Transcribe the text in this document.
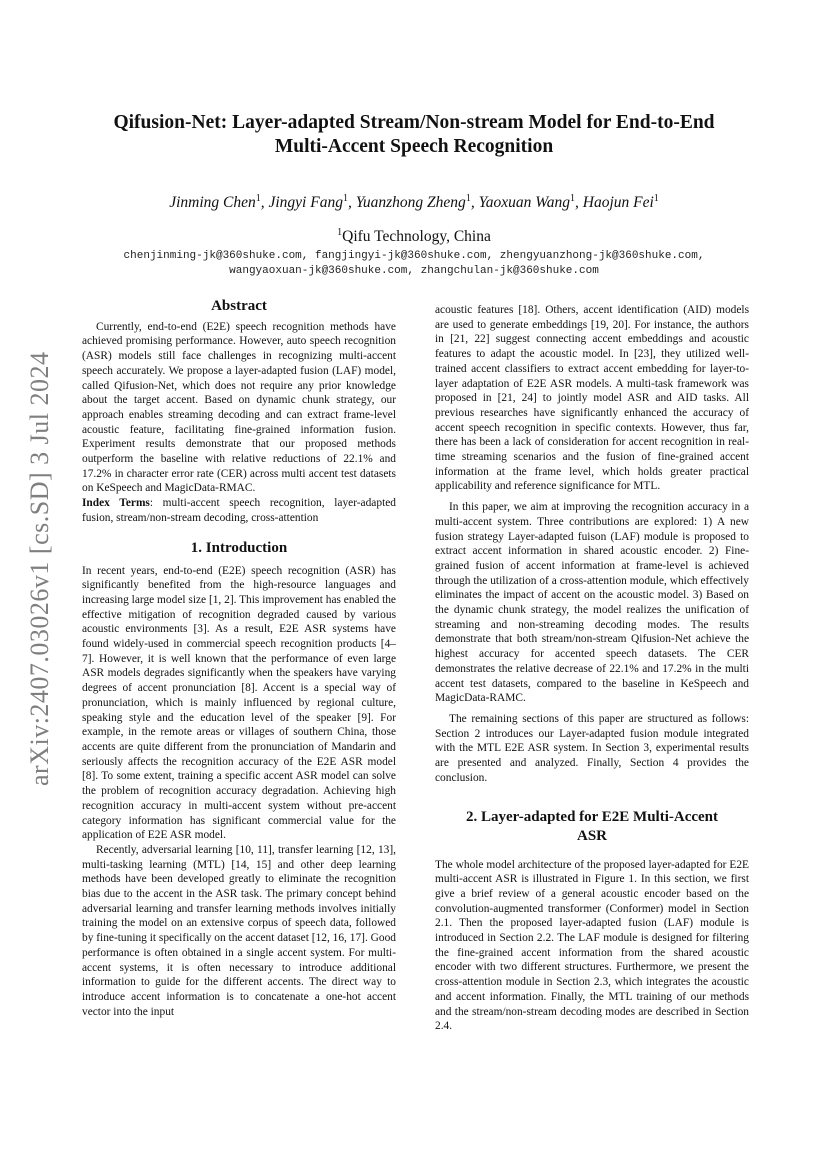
arXiv:2407.03026v1 [cs.SD] 3 Jul 2024
Qifusion-Net: Layer-adapted Stream/Non-stream Model for End-to-End Multi-Accent Speech Recognition
Jinming Chen$^1$, Jingyi Fang$^1$, Yuanzhong Zheng$^1$, Yaoxuan Wang$^1$, Haojun Fei$^1$
$^1$Qifu Technology, China
chenjinming-jk@360shuke.com, fangjingyi-jk@360shuke.com, zhengyuanzhong-jk@360shuke.com,
wangyaoxuan-jk@360shuke.com, zhangchulan-jk@360shuke.com

Abstract

Currently, end-to-end (E2E) speech recognition methods have achieved promising performance. However, auto speech recognition (ASR) models still face challenges in recognizing multi-accent speech accurately. We propose a layer-adapted fusion (LAF) model, called Qifusion-Net, which does not require any prior knowledge about the target accent. Based on dynamic chunk strategy, our approach enables streaming decoding and can extract frame-level acoustic feature, facilitating fine-grained information fusion. Experiment results demonstrate that our proposed methods outperform the baseline with relative reductions of 22.1% and 17.2% in character error rate (CER) across multi accent test datasets on KeSpeech and MagicData-RMAC.

Index Terms: multi-accent speech recognition, layer-adapted fusion, stream/non-stream decoding, cross-attention

1. Introduction

In recent years, end-to-end (E2E) speech recognition (ASR) has significantly benefited from the high-resource languages and increasing large model size [1, 2]. This improvement has enabled the effective mitigation of recognition degraded caused by various acoustic environments [3]. As a result, E2E ASR systems have found widely-used in commercial speech recognition products [4–7]. However, it is well known that the performance of even large ASR models degrades significantly when the speakers have varying degrees of accent pronunciation [8]. Accent is a special way of pronunciation, which is mainly influenced by regional culture, speaking style and the education level of the speaker [9]. For example, in the remote areas or villages of southern China, those accents are quite different from the pronunciation of Mandarin and seriously affects the recognition accuracy of the E2E ASR model [8]. To some extent, training a specific accent ASR model can solve the problem of recognition accuracy degradation. Achieving high recognition accuracy in multi-accent system without pre-accent category information has significant commercial value for the application of E2E ASR model.

Recently, adversarial learning [10, 11], transfer learning [12, 13], multi-tasking learning (MTL) [14, 15] and other deep learning methods have been developed greatly to eliminate the recognition bias due to the accent in the ASR task. The primary concept behind adversarial learning and transfer learning methods involves initially training the model on an extensive corpus of speech data, followed by fine-tuning it specifically on the accent dataset [12, 16, 17]. Good performance is often obtained in a single accent system. For multi-accent systems, it is often necessary to introduce additional information to guide for the different accents. The direct way to introduce accent information is to concatenate a one-hot accent vector into the input

acoustic features [18]. Others, accent identification (AID) models are used to generate embeddings [19, 20]. For instance, the authors in [21, 22] suggest connecting accent embeddings and acoustic features to adapt the acoustic model. In [23], they utilized well-trained accent classifiers to extract accent embedding for layer-to-layer adaptation of E2E ASR models. A multi-task framework was proposed in [21, 24] to jointly model ASR and AID tasks. All previous researches have significantly enhanced the accuracy of accent speech recognition in specific contexts. However, thus far, there has been a lack of consideration for accent recognition in real-time streaming scenarios and the fusion of fine-grained accent information at the frame level, which holds greater practical applicability and reference significance for MTL.

In this paper, we aim at improving the recognition accuracy in a multi-accent system. Three contributions are explored: 1) A new fusion strategy Layer-adapted fuison (LAF) module is proposed to extract accent information in shared acoustic encoder. 2) Fine-grained fusion of accent information at frame-level is achieved through the utilization of a cross-attention module, which effectively eliminates the impact of accent on the acoustic model. 3) Based on the dynamic chunk strategy, the model realizes the unification of streaming and non-streaming decoding modes. The results demonstrate that both stream/non-stream Qifusion-Net achieve the highest accuracy for accented speech datasets. The CER demonstrates the relative decrease of 22.1% and 17.2% in the multi accent test datasets, compared to the baseline in KeSpeech and MagicData-RAMC.

The remaining sections of this paper are structured as follows: Section 2 introduces our Layer-adapted fusion module integrated with the MTL E2E ASR system. In Section 3, experimental results are presented and analyzed. Finally, Section 4 provides the conclusion.

2. Layer-adapted for E2E Multi-Accent ASR

The whole model architecture of the proposed layer-adapted for E2E multi-accent ASR is illustrated in Figure 1. In this section, we first give a brief review of a general acoustic encoder based on the convolution-augmented transformer (Conformer) model in Section 2.1. Then the proposed layer-adapted fusion (LAF) module is introduced in Section 2.2. The LAF module is designed for filtering the fine-grained accent information from the shared acoustic encoder with two different structures. Furthermore, we present the cross-attention module in Section 2.3, which integrates the acoustic and accent information. Finally, the MTL training of our methods and the stream/non-stream decoding modes are described in Section 2.4.
